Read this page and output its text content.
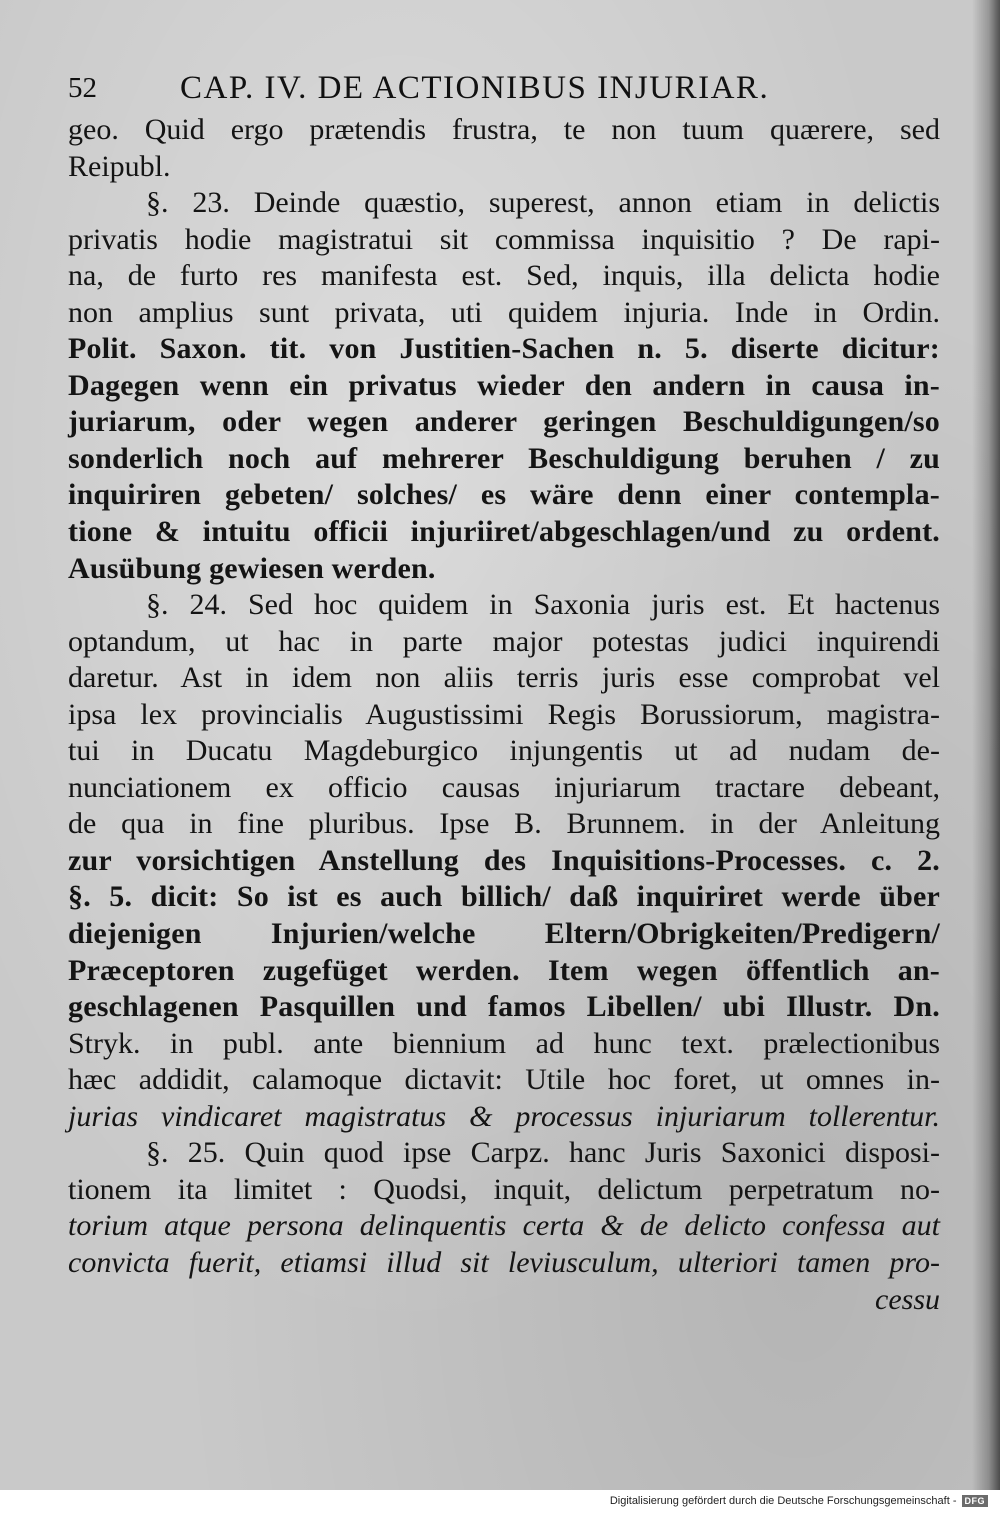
52	CAP. IV. DE ACTIONIBUS INJURIAR.
geo. Quid ergo prætendis frustra, te non tuum quærere, sed
Reipubl.
§. 23. Deinde quæstio, superest, annon etiam in delictis
privatis hodie magistratui sit commissa inquisitio ? De rapi-
na, de furto res manifesta est. Sed, inquis, illa delicta hodie
non amplius sunt privata, uti quidem injuria. Inde in Ordin.
Polit. Saxon. tit. von Justitien-Sachen n. 5. diserte dicitur:
Dagegen wenn ein privatus wieder den andern in causa in-
juriarum, oder wegen anderer geringen Beschuldigungen/so
sonderlich noch auf mehrerer Beschuldigung beruhen / zu
inquiriren gebeten/ solches/ es wäre denn einer contempla-
tione & intuitu officii injuriiret/abgeschlagen/und zu ordent.
Ausübung gewiesen werden.
§. 24. Sed hoc quidem in Saxonia juris est. Et hactenus
optandum, ut hac in parte major potestas judici inquirendi
daretur. Ast in idem non aliis terris juris esse comprobat vel
ipsa lex provincialis Augustissimi Regis Borussiorum, magistra-
tui in Ducatu Magdeburgico injungentis ut ad nudam de-
nunciationem ex officio causas injuriarum tractare debeant,
de qua in fine pluribus. Ipse B. Brunnem. in der Anleitung
zur vorsichtigen Anstellung des Inquisitions-Processes. c. 2.
§. 5. dicit: So ist es auch billich/ daß inquiriret werde über
diejenigen Injurien/welche Eltern/Obrigkeiten/Predigern/
Præceptoren zugefüget werden. Item wegen öffentlich an-
geschlagenen Pasquillen und famos Libellen/ ubi Illustr. Dn.
Stryk. in publ. ante biennium ad hunc text. prælectionibus
hæc addidit, calamoque dictavit: Utile hoc foret, ut omnes in-
jurias vindicaret magistratus & processus injuriarum tollerentur.
§. 25. Quin quod ipse Carpz. hanc Juris Saxonici disposi-
tionem ita limitet : Quodsi, inquit, delictum perpetratum no-
torium atque persona delinquentis certa & de delicto confessa aut
convicta fuerit, etiamsi illud sit leviusculum, ulteriori tamen pro-
cessu
Digitalisierung gefördert durch die Deutsche Forschungsgemeinschaft - DFG
